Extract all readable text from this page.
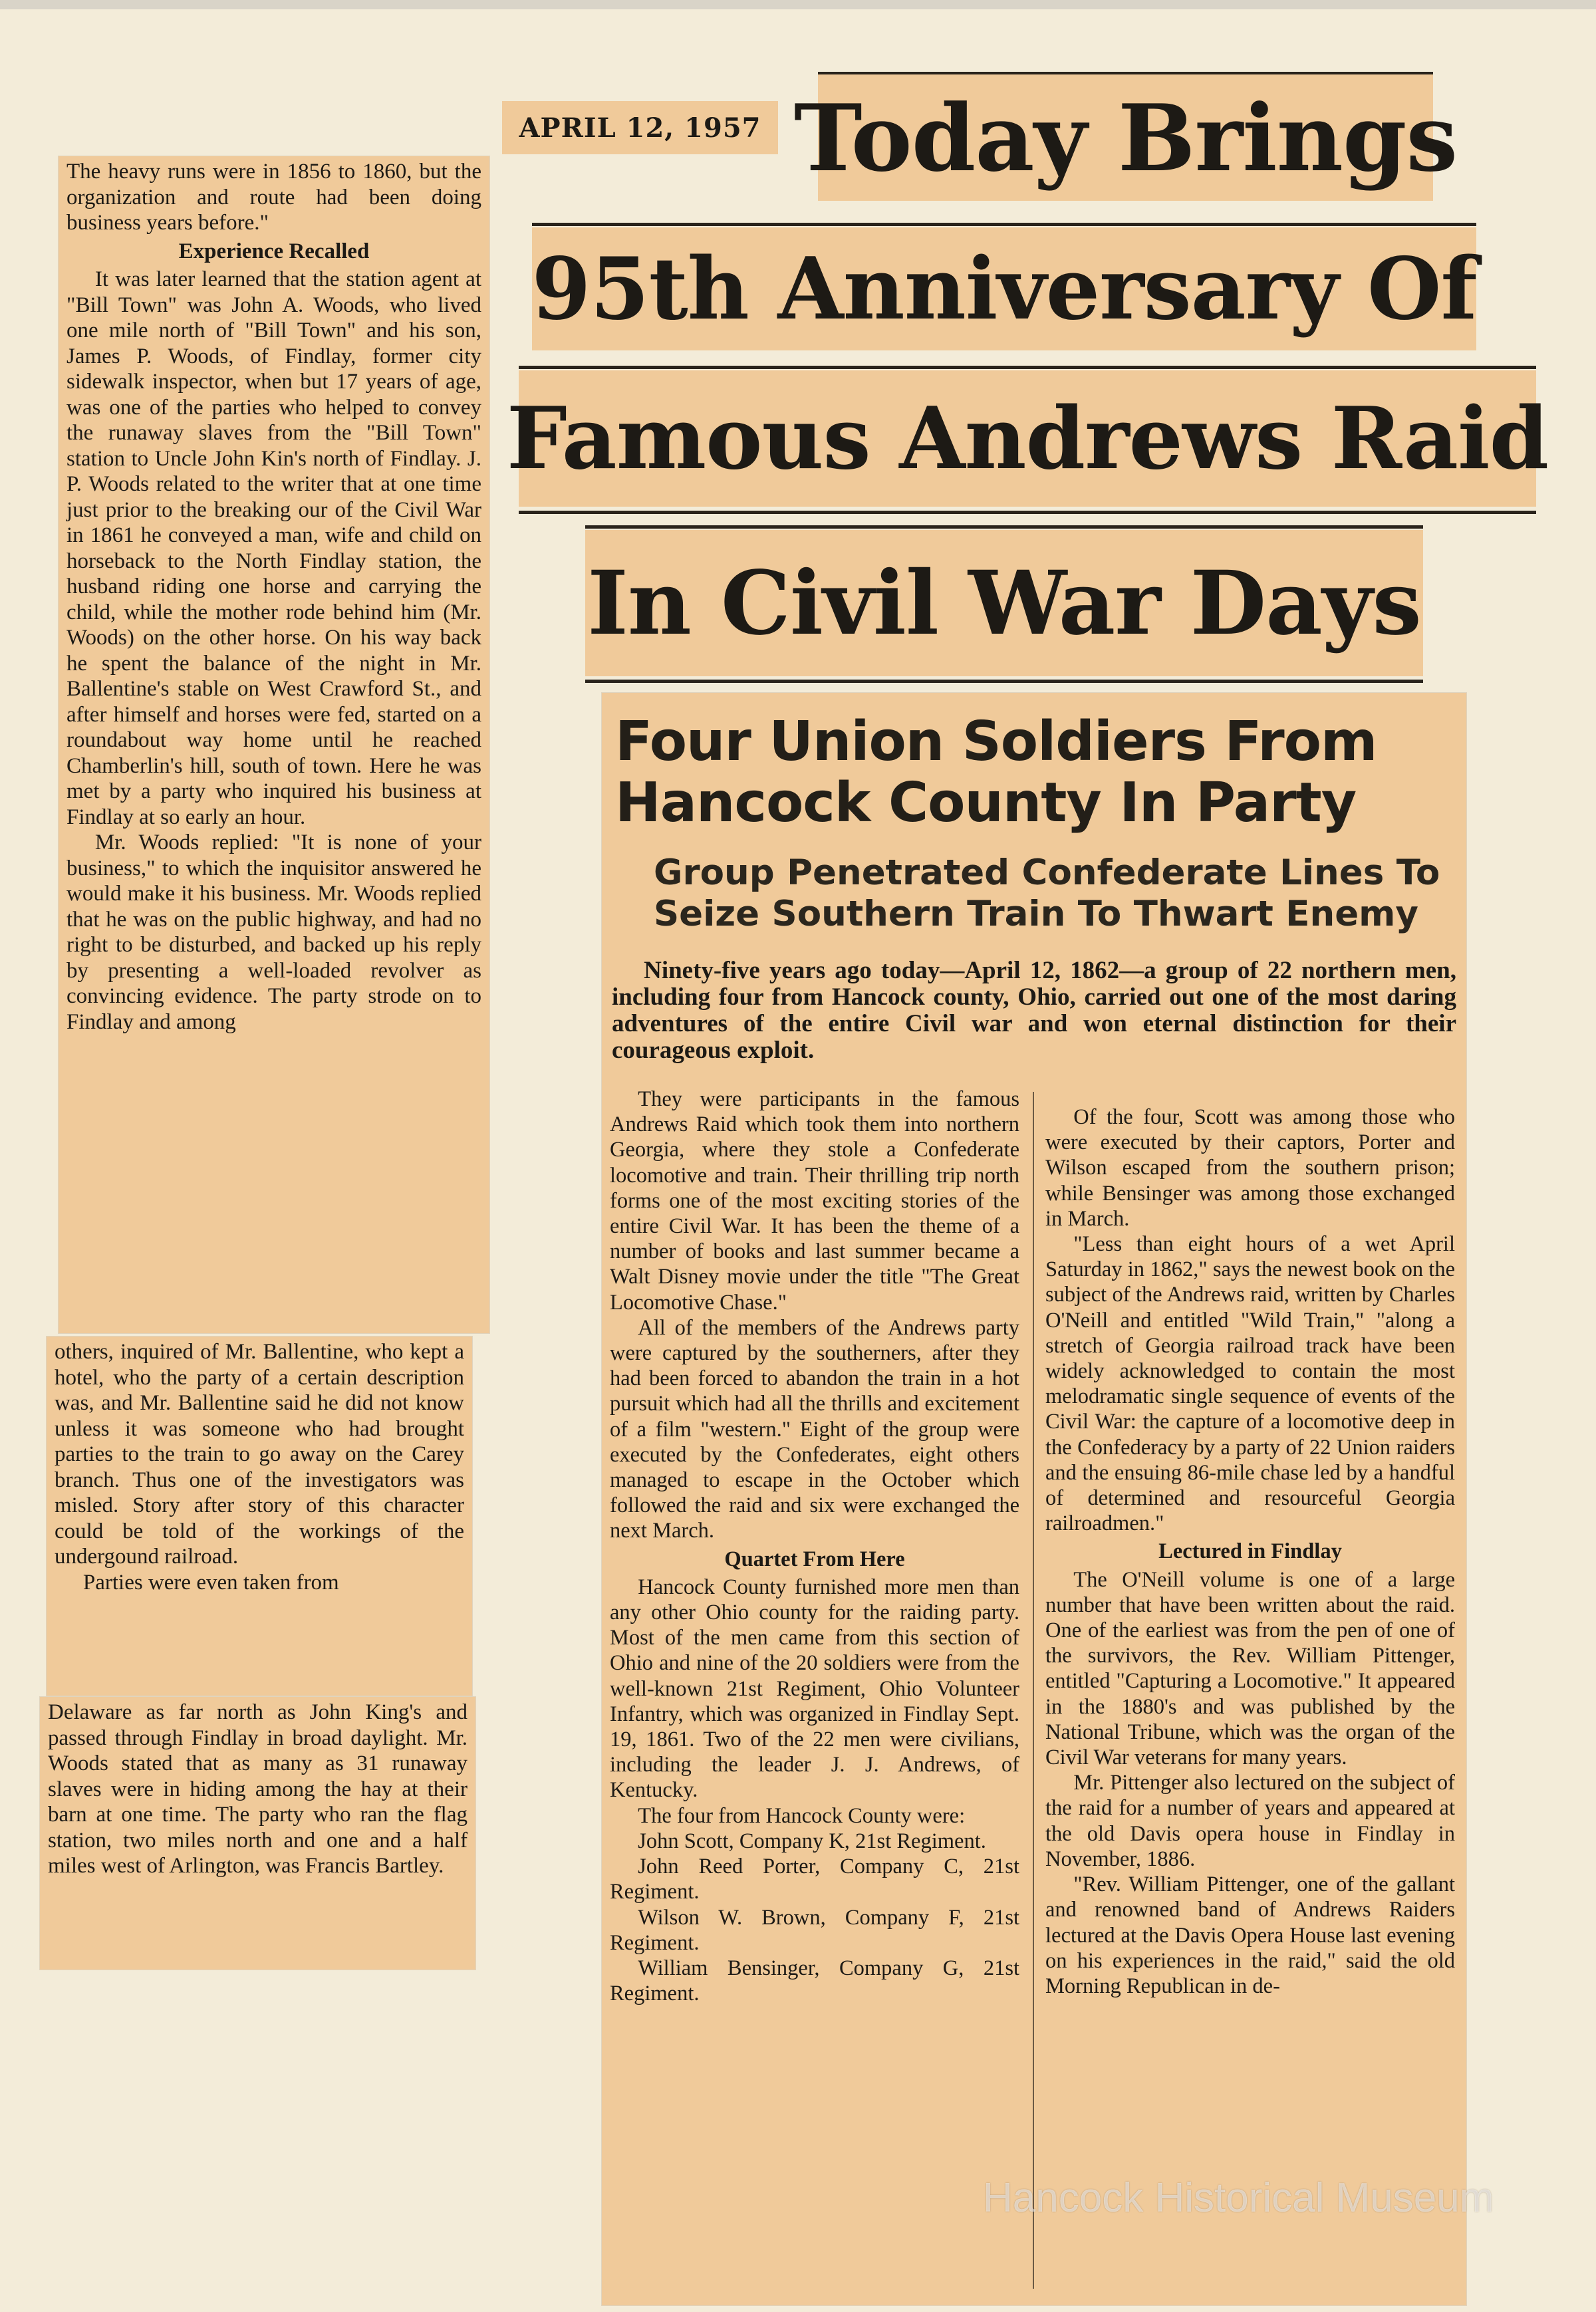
APRIL 12, 1957 Today Brings
95th Anniversary Of
Famous Andrews Raid
In Civil War Days

The heavy runs were in 1856 to 1860, but the organization and route had been doing business years before."

Experience Recalled

It was later learned that the station agent at "Bill Town" was John A. Woods, who lived one mile north of "Bill Town" and his son, James P. Woods, of Findlay, former city sidewalk inspector, when but 17 years of age, was one of the parties who helped to convey the runaway slaves from the "Bill Town" station to Uncle John Kin's north of Findlay. J. P. Woods related to the writer that at one time just prior to the breaking our of the Civil War in 1861 he conveyed a man, wife and child on horseback to the North Findlay station, the husband riding one horse and carrying the child, while the mother rode behind him (Mr. Woods) on the other horse. On his way back he spent the balance of the night in Mr. Ballentine's stable on West Crawford St., and after himself and horses were fed, started on a roundabout way home until he reached Chamberlin's hill, south of town. Here he was met by a party who inquired his business at Findlay at so early an hour.

Mr. Woods replied: "It is none of your business," to which the inquisitor answered he would make it his business. Mr. Woods replied that he was on the public highway, and had no right to be disturbed, and backed up his reply by presenting a well-loaded revolver as convincing evidence. The party strode on to Findlay and among

others, inquired of Mr. Ballentine, who kept a hotel, who the party of a certain description was, and Mr. Ballentine said he did not know unless it was someone who had brought parties to the train to go away on the Carey branch. Thus one of the investigators was misled. Story after story of this character could be told of the workings of the undergound railroad.

Parties were even taken from

Delaware as far north as John King's and passed through Findlay in broad daylight. Mr. Woods stated that as many as 31 runaway slaves were in hiding among the hay at their barn at one time. The party who ran the flag station, two miles north and one and a half miles west of Arlington, was Francis Bartley.

Four Union Soldiers From
Hancock County In Party
Group Penetrated Confederate Lines To
Seize Southern Train To Thwart Enemy

Ninety-five years ago today—April 12, 1862—a group of 22 northern men, including four from Hancock county, Ohio, carried out one of the most daring adventures of the entire Civil war and won eternal distinction for their courageous exploit.

They were participants in the famous Andrews Raid which took them into northern Georgia, where they stole a Confederate locomotive and train. Their thrilling trip north forms one of the most exciting stories of the entire Civil War. It has been the theme of a number of books and last summer became a Walt Disney movie under the title "The Great Locomotive Chase."

All of the members of the Andrews party were captured by the southerners, after they had been forced to abandon the train in a hot pursuit which had all the thrills and excitement of a film "western." Eight of the group were executed by the Confederates, eight others managed to escape in the October which followed the raid and six were exchanged the next March.

Quartet From Here

Hancock County furnished more men than any other Ohio county for the raiding party. Most of the men came from this section of Ohio and nine of the 20 soldiers were from the well-known 21st Regiment, Ohio Volunteer Infantry, which was organized in Findlay Sept. 19, 1861. Two of the 22 men were civilians, including the leader J. J. Andrews, of Kentucky.

The four from Hancock County were:

John Scott, Company K, 21st Regiment.

John Reed Porter, Company C, 21st Regiment.

Wilson W. Brown, Company F, 21st Regiment.

William Bensinger, Company G, 21st Regiment.

Of the four, Scott was among those who were executed by their captors, Porter and Wilson escaped from the southern prison; while Bensinger was among those exchanged in March.

"Less than eight hours of a wet April Saturday in 1862," says the newest book on the subject of the Andrews raid, written by Charles O'Neill and entitled "Wild Train," "along a stretch of Georgia railroad track have been widely acknowledged to contain the most melodramatic single sequence of events of the Civil War: the capture of a locomotive deep in the Confederacy by a party of 22 Union raiders and the ensuing 86-mile chase led by a handful of determined and resourceful Georgia railroadmen."

Lectured in Findlay

The O'Neill volume is one of a large number that have been written about the raid. One of the earliest was from the pen of one of the survivors, the Rev. William Pittenger, entitled "Capturing a Locomotive." It appeared in the 1880's and was published by the National Tribune, which was the organ of the Civil War veterans for many years.

Mr. Pittenger also lectured on the subject of the raid for a number of years and appeared at the old Davis opera house in Findlay in November, 1886.

"Rev. William Pittenger, one of the gallant and renowned band of Andrews Raiders lectured at the Davis Opera House last evening on his experiences in the raid," said the old Morning Republican in de-

Hancock Historical Museum
